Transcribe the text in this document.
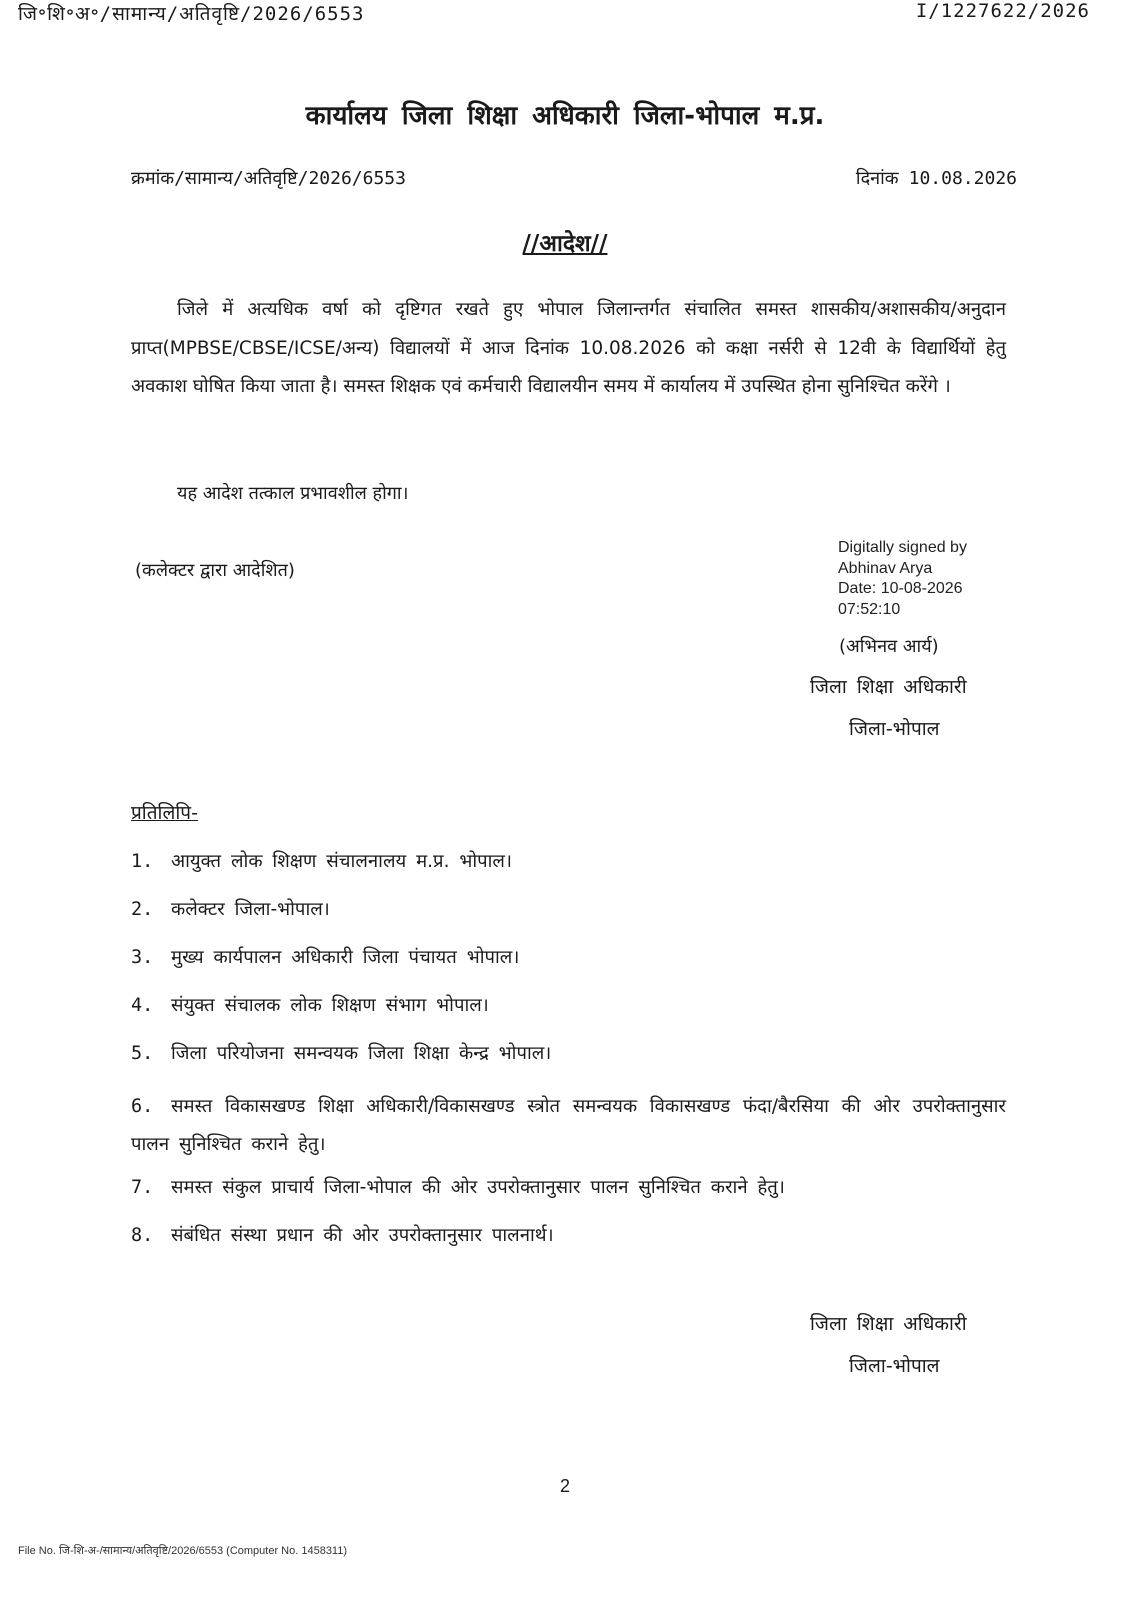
जि॰शि॰अ॰/सामान्य/अतिवृष्टि/2026/6553	I/1227622/2026
कार्यालय जिला शिक्षा अधिकारी जिला-भोपाल म.प्र.
क्रमांक/सामान्य/अतिवृष्टि/2026/6553	दिनांक 10.08.2026
//आदेश//
जिले में अत्यधिक वर्षा को दृष्टिगत रखते हुए भोपाल जिलान्तर्गत संचालित समस्त शासकीय/अशासकीय/अनुदान प्राप्त(MPBSE/CBSE/ICSE/अन्य) विद्यालयों में आज दिनांक 10.08.2026 को कक्षा नर्सरी से 12वी के विद्यार्थियों हेतु अवकाश घोषित किया जाता है। समस्त शिक्षक एवं कर्मचारी विद्यालयीन समय में कार्यालय में उपस्थित होना सुनिश्चित करेंगे ।
यह आदेश तत्काल प्रभावशील होगा।
(कलेक्टर द्वारा आदेशित)
Digitally signed by
Abhinav Arya
Date: 10-08-2026
07:52:10
(अभिनव आर्य)
जिला शिक्षा अधिकारी
जिला-भोपाल
प्रतिलिपि-
1. आयुक्त लोक शिक्षण संचालनालय म.प्र. भोपाल।
2. कलेक्टर जिला-भोपाल।
3. मुख्य कार्यपालन अधिकारी जिला पंचायत भोपाल।
4. संयुक्त संचालक लोक शिक्षण संभाग भोपाल।
5. जिला परियोजना समन्वयक जिला शिक्षा केन्द्र भोपाल।
6. समस्त विकासखण्ड शिक्षा अधिकारी/विकासखण्ड स्त्रोत समन्वयक विकासखण्ड फंदा/बैरसिया की ओर उपरोक्तानुसार पालन सुनिश्चित कराने हेतु।
7. समस्त संकुल प्राचार्य जिला-भोपाल की ओर उपरोक्तानुसार पालन सुनिश्चित कराने हेतु।
8. संबंधित संस्था प्रधान की ओर उपरोक्तानुसार पालनार्थ।
जिला शिक्षा अधिकारी
जिला-भोपाल
2
File No. जि-शि-अ-/सामान्य/अतिवृष्टि/2026/6553 (Computer No. 1458311)
